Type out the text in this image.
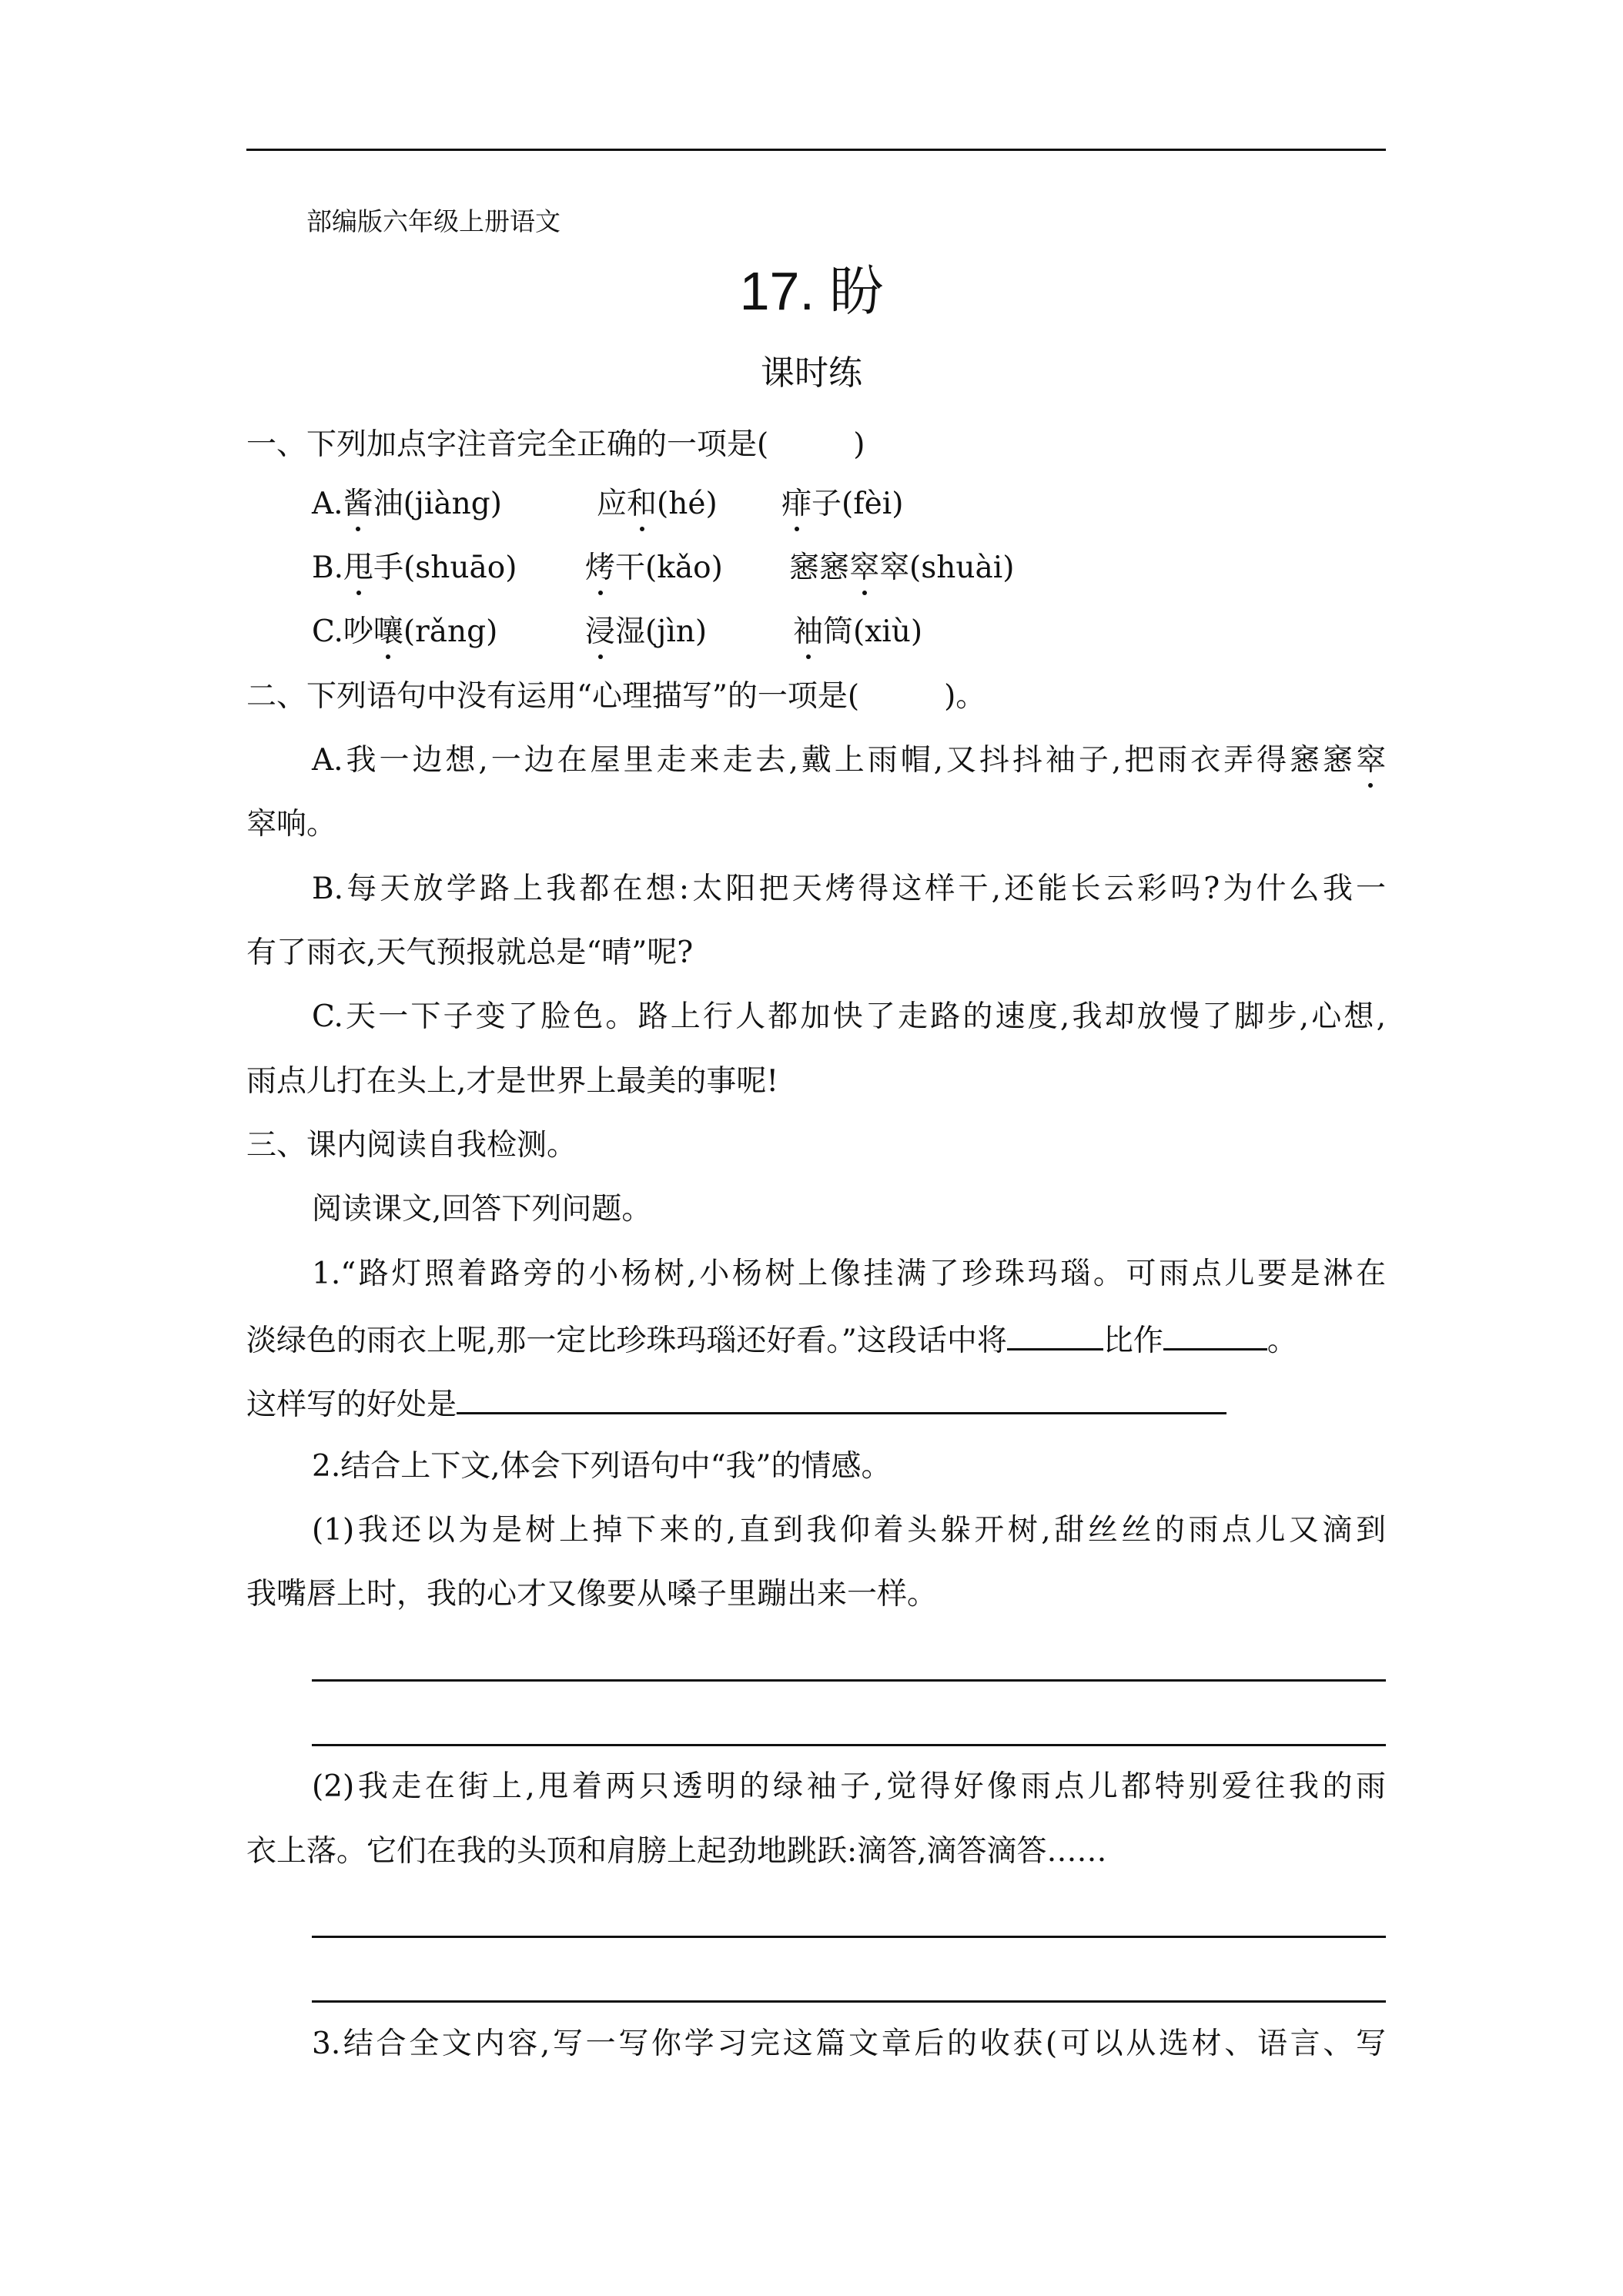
部编版六年级上册语文
17. 盼
课时练
一、下列加点字注音完全正确的一项是(	)
A.酱油(jiàng)	应和(hé) 痱子(fèi)
B.甩手(shuāo) 烤干(kǎo) 窸窸窣窣(shuài)
C.吵嚷(rǎng)	浸湿(jìn)	袖筒(xiù)
二、下列语句中没有运用“心理描写”的一项是(	)。
A.我一边想,一边在屋里走来走去,戴上雨帽,又抖抖袖子,把雨衣弄得窸窸窣
窣响。
B.每天放学路上我都在想:太阳把天烤得这样干,还能长云彩吗?为什么我一
有了雨衣,天气预报就总是“晴”呢?
C.天一下子变了脸色。路上行人都加快了走路的速度,我却放慢了脚步,心想,
雨点儿打在头上,才是世界上最美的事呢!
三、课内阅读自我检测。
阅读课文,回答下列问题。
1.“路灯照着路旁的小杨树,小杨树上像挂满了珍珠玛瑙。可雨点儿要是淋在
淡绿色的雨衣上呢,那一定比珍珠玛瑙还好看。”这段话中将	比作	。
这样写的好处是
2.结合上下文,体会下列语句中“我”的情感。
(1)我还以为是树上掉下来的,直到我仰着头躲开树,甜丝丝的雨点儿又滴到
我嘴唇上时，我的心才又像要从嗓子里蹦出来一样。
(2)我走在街上,甩着两只透明的绿袖子,觉得好像雨点儿都特别爱往我的雨
衣上落。它们在我的头顶和肩膀上起劲地跳跃:滴答,滴答滴答……
3.结合全文内容,写一写你学习完这篇文章后的收获(可以从选材、语言、写
